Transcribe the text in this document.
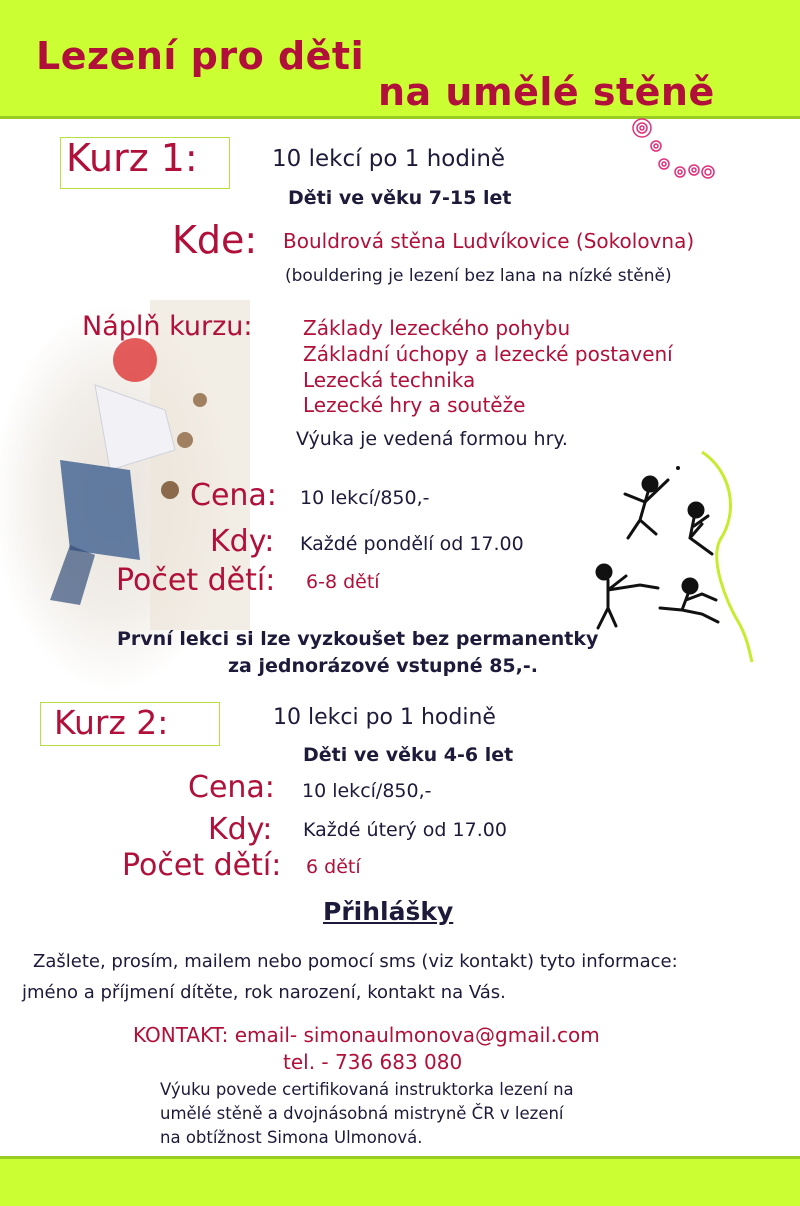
Lezení pro děti
na umělé stěně
Kurz 1:	10 lekcí po 1 hodině
Děti ve věku 7-15 let
Kde: Bouldrová stěna Ludvíkovice (Sokolovna)
(bouldering je lezení bez lana na nízké stěně)
Náplň kurzu:	Základy lezeckého pohybu
Základní úchopy a lezecké postavení
Lezecká technika
Lezecké hry a soutěže
Výuka je vedená formou hry.
Cena: 10 lekcí/850,-
Kdy: Každé pondělí od 17.00
Počet dětí: 6-8 dětí
První lekci si lze vyzkoušet bez permanentky
za jednorázové vstupné 85,-.
Kurz 2:	10 lekci po 1 hodině
Děti ve věku 4-6 let
Cena: 10 lekcí/850,-
Kdy: Každé úterý od 17.00
Počet dětí: 6 dětí
Přihlášky
Zašlete, prosím, mailem nebo pomocí sms (viz kontakt) tyto informace:
jméno a příjmení dítěte, rok narození, kontakt na Vás.
KONTAKT: email- simonaulmonova@gmail.com
tel. - 736 683 080
Výuku povede certifikovaná instruktorka lezení na
umělé stěně a dvojnásobná mistryně ČR v lezení
na obtížnost Simona Ulmonová.
